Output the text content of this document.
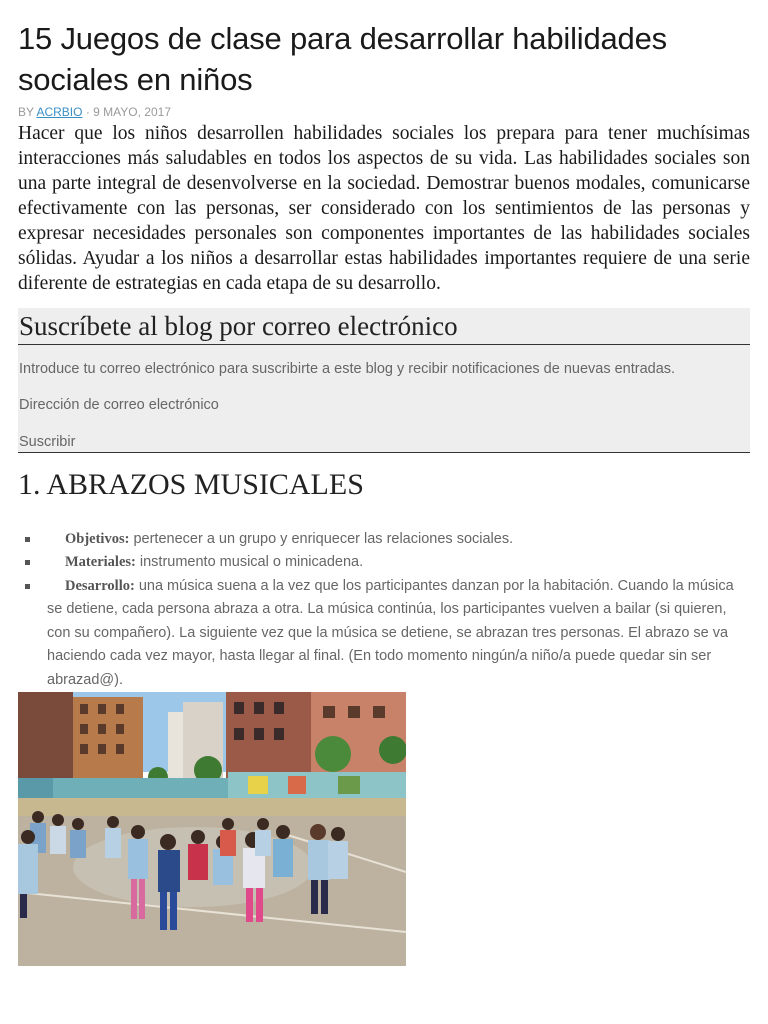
15 Juegos de clase para desarrollar habilidades sociales en niños
BY ACRBIO · 9 MAYO, 2017

Hacer que los niños desarrollen habilidades sociales los prepara para tener muchísimas interacciones más saludables en todos los aspectos de su vida. Las habilidades sociales son una parte integral de desenvolverse en la sociedad. Demostrar buenos modales, comunicarse efectivamente con las personas, ser considerado con los sentimientos de las personas y expresar necesidades personales son componentes importantes de las habilidades sociales sólidas. Ayudar a los niños a desarrollar estas habilidades importantes requiere de una serie diferente de estrategias en cada etapa de su desarrollo.

Suscríbete al blog por correo electrónico
Introduce tu correo electrónico para suscribirte a este blog y recibir notificaciones de nuevas entradas.
Dirección de correo electrónico
Suscribir
1. ABRAZOS MUSICALES
Objetivos: pertenecer a un grupo y enriquecer las relaciones sociales.
Materiales: instrumento musical o minicadena.
Desarrollo: una música suena a la vez que los participantes danzan por la habitación. Cuando la música se detiene, cada persona abraza a otra. La música continúa, los participantes vuelven a bailar (si quieren, con su compañero). La siguiente vez que la música se detiene, se abrazan tres personas. El abrazo se va haciendo cada vez mayor, hasta llegar al final. (En todo momento ningún/a niño/a puede quedar sin ser abrazad@).
